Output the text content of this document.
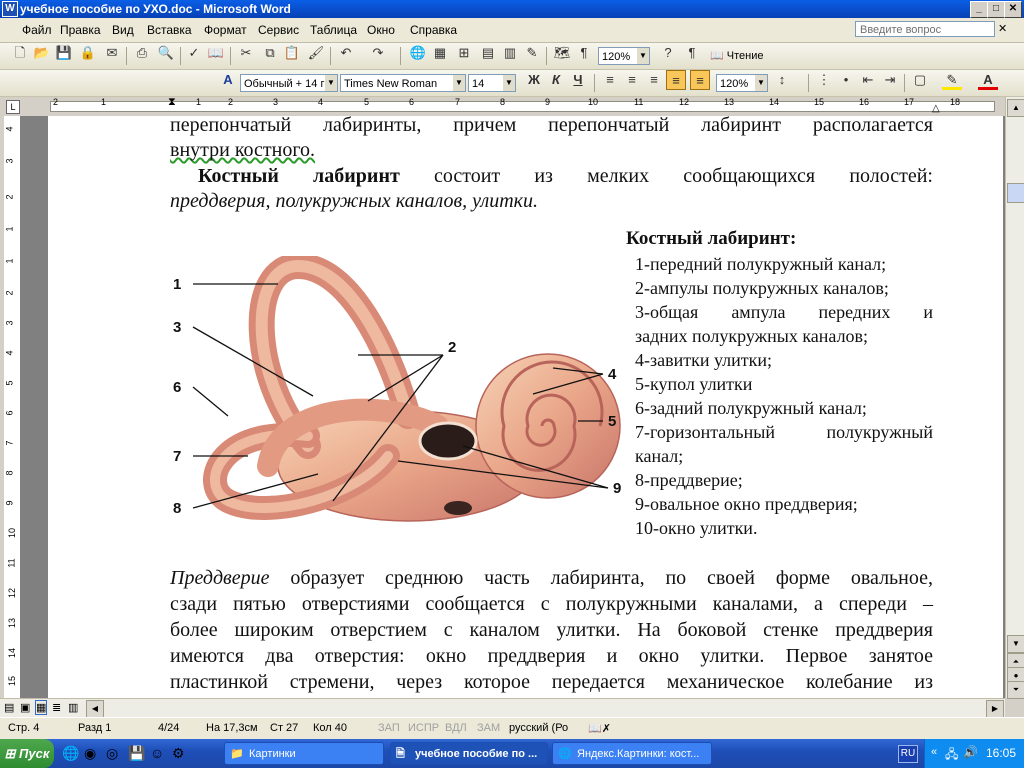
W учебное пособие по УХО.doc - Microsoft Word	_	□ ✕
Файл Правка Вид Вставка Формат Сервис Таблица Окно Справка	Введите вопрос	✕
🗋 📂 💾 🔒 ✉	⎙ 🔍	✓ 📖	✂	⧉ 📋 🖌	↶	↷	🌐 ▦ ⊞ ▤ ▥ ✎	🗺 ¶	120% ▼	?	¶	📖 Чтение
A	Обычный + 14 г ▼ Times New Roman ▼ 14	▼	Ж К	Ч	≡	≡	≡	≡	≡	120% ▼	↕	⋮	•	⇤ ⇥	▢	✎	A
L	2	1	⧗ 1	2	3	4	5	6	7	8	9	10	11	12	13	14	15	16	17	18
△
4
3
2
1
1
2
3
4
5
6
7
8
9
10
11
12
13
14
15
перепончатый лабиринты, причем перепончатый лабиринт располагается
внутри костного.
Костный лабиринт состоит из мелких сообщающихся полостей:
преддверия, полукружных каналов, улитки.
1
2
3
4
5
6
7
8
9
Костный лабиринт:
1-передний полукружный канал;
2-ампулы полукружных каналов;
3-общая ампула передних и
задних полукружных каналов;
4-завитки улитки;
5-купол улитки
6-задний полукружный канал;
7-горизонтальный полукружный
канал;
8-преддверие;
9-овальное окно преддверия;
10-окно улитки.
Преддверие образует среднюю часть лабиринта, по своей форме овальное,
сзади пятью отверстиями сообщается с полукружными каналами, а спереди –
более широким отверстием с каналом улитки. На боковой стенке преддверия
имеются два отверстия: окно преддверия и окно улитки. Первое занятое
пластинкой стремени, через которое передается механическое колебание из
▲
▼
⏶
●
⏷
▤ ▣ ▦ ≣ ▥	◀	▶
Стр. 4	Разд 1	4/24 На 17,3см Ст 27 Кол 40	ЗАП ИСПР ВДЛ ЗАМ русский (Ро 📖✗
⊞ Пуск 🌐 ◉ ◎ 💾 ☺ ⚙	📁 Картинки	🗎 учебное пособие по ...	🌐 Яндекс.Картинки: кост...	RU « 🖧 🔊 16:05
